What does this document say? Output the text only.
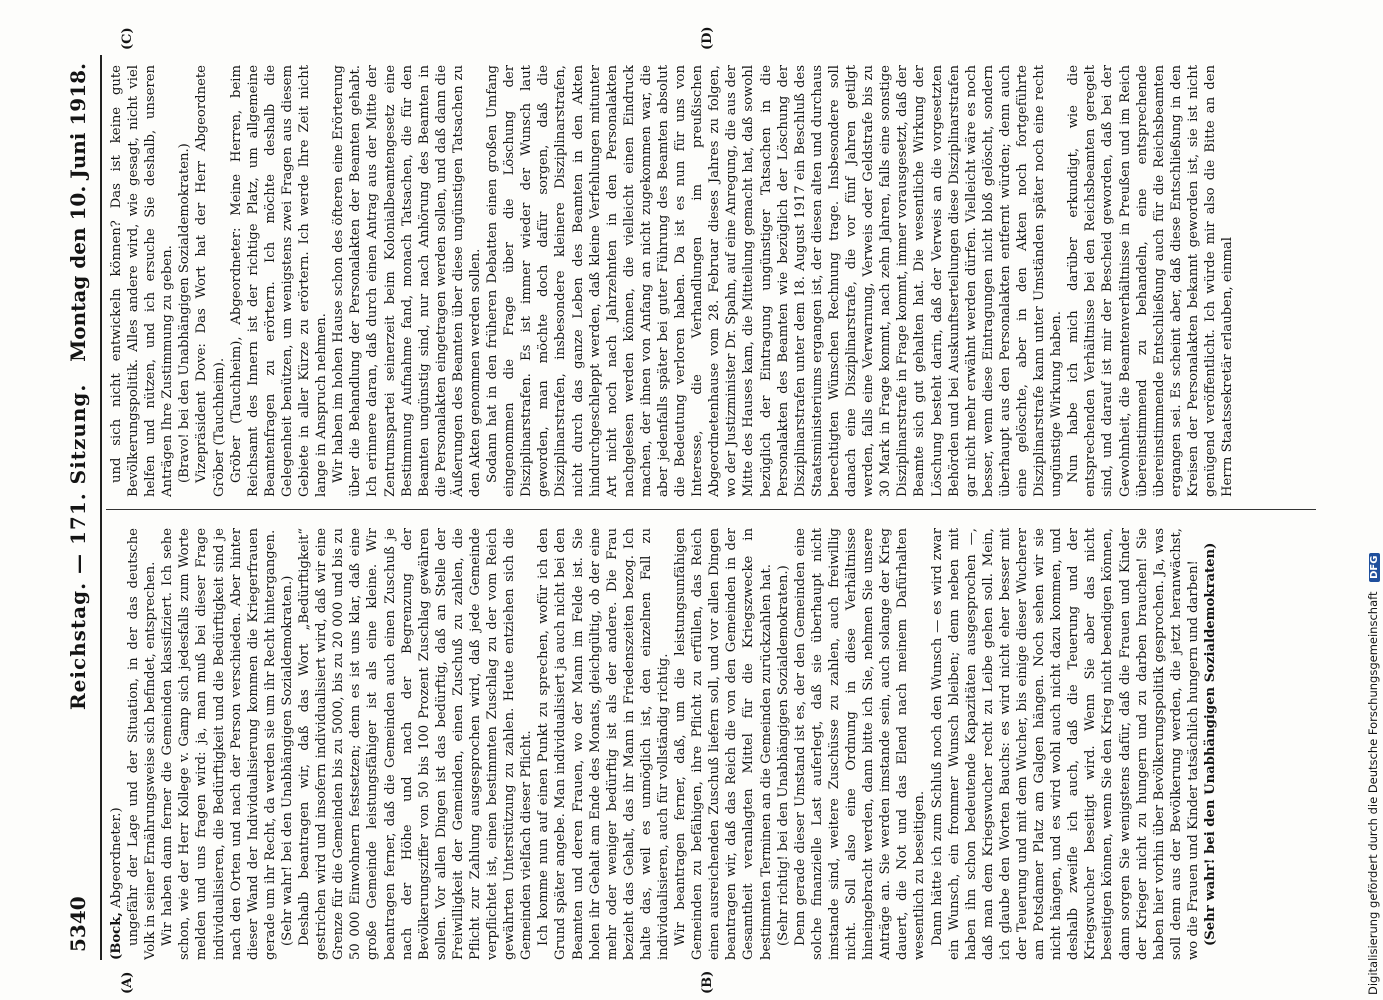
5340
Reichstag. — 171. Sitzung.
Montag den 10. Juni 1918.

(Bock, Abgeordneter.) ungefähr der Lage und der Situation, in der das deutsche Volk in seiner Ernährungsweise sich befindet, entsprechen. Wir haben dann ferner die Gemeinden klassifiziert. Ich sehe schon, wie der Herr Kollege v. Gamp sich jedesfalls zum Worte melden und uns fragen wird: ja, man muß bei dieser Frage individualisieren, die Bedürftigkeit und die Bedürftigkeit sind je nach den Orten und nach der Person verschieden. Aber hinter dieser Wand der Individualisierung kommen die Kriegerfrauen gerade um ihr Recht, da werden sie um ihr Recht hintergangen. (Sehr wahr! bei den Unabhängigen Sozialdemokraten.) Deshalb beantragen wir, daß das Wort „Bedürftigkeit“ gestrichen wird und insofern individualisiert wird, daß wir eine Grenze für die Gemeinden bis zu 5000, bis zu 20 000 und bis zu 50 000 Einwohnern festsetzen; denn es ist uns klar, daß eine große Gemeinde leistungsfähiger ist als eine kleine. Wir beantragen ferner, daß die Gemeinden auch einen Zuschuß je nach der Höhe und nach der Begrenzung der Bevölkerungsziffer von 50 bis 100 Prozent Zuschlag gewähren sollen. Vor allen Dingen ist das bedürftig, daß an Stelle der Freiwilligkeit der Gemeinden, einen Zuschuß zu zahlen, die Pflicht zur Zahlung ausgesprochen wird, daß jede Gemeinde verpflichtet ist, einen bestimmten Zuschlag zu der vom Reich gewährten Unterstützung zu zahlen. Heute entziehen sich die Gemeinden vielfach dieser Pflicht. Ich komme nun auf einen Punkt zu sprechen, wofür ich den Grund später angebe. Man individualisiert ja auch nicht bei den Beamten und deren Frauen, wo der Mann im Felde ist. Sie holen ihr Gehalt am Ende des Monats, gleichgültig, ob der eine mehr oder weniger bedürftig ist als der andere. Die Frau bezieht das Gehalt, das ihr Mann in Friedenszeiten bezog. Ich halte das, weil es unmöglich ist, den einzelnen Fall zu individualisieren, auch für vollständig richtig. Wir beantragen ferner, daß, um die leistungsunfähigen Gemeinden zu befähigen, ihre Pflicht zu erfüllen, das Reich einen ausreichenden Zuschuß liefern soll, und vor allen Dingen beantragen wir, daß das Reich die von den Gemeinden in der Gesamtheit veranlagten Mittel für die Kriegszwecke in bestimmten Terminen an die Gemeinden zurückzahlen hat. (Sehr richtig! bei den Unabhängigen Sozialdemokraten.) Denn gerade dieser Umstand ist es, der den Gemeinden eine solche finanzielle Last auferlegt, daß sie überhaupt nicht imstande sind, weitere Zuschüsse zu zahlen, auch freiwillig nicht. Soll also eine Ordnung in diese Verhältnisse hineingebracht werden, dann bitte ich Sie, nehmen Sie unsere Anträge an. Sie werden imstande sein, auch solange der Krieg dauert, die Not und das Elend nach meinem Dafürhalten wesentlich zu beseitigen. Dann hätte ich zum Schluß noch den Wunsch — es wird zwar ein Wunsch, ein frommer Wunsch bleiben; denn neben mit haben ihn schon bedeutende Kapazitäten ausgesprochen —, daß man dem Kriegswucher recht zu Leibe gehen soll. Mein, ich glaube den Worten Bauchs: es wird nicht eher besser mit der Teuerung und mit dem Wucher, bis einige dieser Wucherer am Potsdamer Platz am Galgen hängen. Noch sehen wir sie nicht hängen, und es wird wohl auch nicht dazu kommen, und deshalb zweifle ich auch, daß die Teuerung und der Kriegswucher beseitigt wird. Wenn Sie aber das nicht beseitigen können, wenn Sie den Krieg nicht beendigen können, dann sorgen Sie wenigstens dafür, daß die Frauen und Kinder der Krieger nicht zu hungern und zu darben brauchen! Sie haben hier vorhin über Bevölkerungspolitik gesprochen. Ja, was soll denn aus der Bevölkerung werden, die jetzt heranwächst, wo die Frauen und Kinder tatsächlich hungern und darben! (Sehr wahr! bei den Unabhängigen Sozialdemokraten)

und sich nicht entwickeln können? Das ist keine gute Bevölkerungspolitik. Alles andere wird, wie gesagt, nicht viel helfen und nützen, und ich ersuche Sie deshalb, unseren Anträgen Ihre Zustimmung zu geben. (Bravo! bei den Unabhängigen Sozialdemokraten.) Vizepräsident Dove: Das Wort hat der Herr Abgeordnete Gröber (Tauchheim). Gröber (Tauchheim), Abgeordneter: Meine Herren, beim Reichsamt des Innern ist der richtige Platz, um allgemeine Beamtenfragen zu erörtern. Ich möchte deshalb die Gelegenheit benützen, um wenigstens zwei Fragen aus diesem Gebiete in aller Kürze zu erörtern. Ich werde Ihre Zeit nicht lange in Anspruch nehmen. Wir haben im hohen Hause schon des öfteren eine Erörterung über die Behandlung der Personalakten der Beamten gehabt. Ich erinnere daran, daß durch einen Antrag aus der Mitte der Zentrumspartei seinerzeit beim Kolonialbeamtengesetz eine Bestimmung Aufnahme fand, monach Tatsachen, die für den Beamten ungünstig sind, nur nach Anhörung des Beamten in die Personalakten eingetragen werden sollen, und daß dann die Äußerungen des Beamten über diese ungünstigen Tatsachen zu den Akten genommen werden sollen. Sodann hat in den früheren Debatten einen großen Umfang eingenommen die Frage über die Löschung der Disziplinarstrafen. Es ist immer wieder der Wunsch laut geworden, man möchte doch dafür sorgen, daß die Disziplinarstrafen, insbesondere kleinere Disziplinarstrafen, nicht durch das ganze Leben des Beamten in den Akten hindurchgeschleppt werden, daß kleine Verfehlungen mitunter Art nicht noch nach Jahrzehnten in den Personalakten nachgelesen werden können, die vielleicht einen Eindruck machen, der ihnen von Anfang an nicht zugekommen war, die aber jedenfalls später bei guter Führung des Beamten absolut die Bedeutung verloren haben. Da ist es nun für uns von Interesse, die Verhandlungen im preußischen Abgeordnetenhause vom 28. Februar dieses Jahres zu folgen, wo der Justizminister Dr. Spahn, auf eine Anregung, die aus der Mitte des Hauses kam, die Mitteilung gemacht hat, daß sowohl bezüglich der Eintragung ungünstiger Tatsachen in die Personalakten des Beamten wie bezüglich der Löschung der Disziplinarstrafen unter dem 18. August 1917 ein Beschluß des Staatsministeriums ergangen ist, der diesen alten und durchaus berechtigten Wünschen Rechnung trage. Insbesondere soll danach eine Disziplinarstrafe, die vor fünf Jahren getilgt werden, falls eine Verwarnung, Verweis oder Geldstrafe bis zu 30 Mark in Frage kommt, nach zehn Jahren, falls eine sonstige Disziplinarstrafe in Frage kommt, immer vorausgesetzt, daß der Beamte sich gut gehalten hat. Die wesentliche Wirkung der Löschung besteht darin, daß der Verweis an die vorgesetzten Behörden und bei Auskunftserteilungen diese Disziplinarstrafen gar nicht mehr erwähnt werden dürfen. Vielleicht wäre es noch besser, wenn diese Eintragungen nicht bloß gelöscht, sondern überhaupt aus den Personalakten entfernt würden; denn auch eine gelöschte, aber in den Akten noch fortgeführte Disziplinarstrafe kann unter Umständen später noch eine recht ungünstige Wirkung haben. Nun habe ich mich darüber erkundigt, wie die entsprechenden Verhältnisse bei den Reichsbeamten geregelt sind, und darauf ist mir der Bescheid geworden, daß bei der Gewohnheit, die Beamtenverhältnisse in Preußen und im Reich übereinstimmend zu behandeln, eine entsprechende übereinstimmende Entschließung auch für die Reichsbeamten ergangen sei. Es scheint aber, daß diese Entschließung in den Kreisen der Personalakten bekannt geworden ist, sie ist nicht genügend veröffentlicht. Ich würde mir also die Bitte an den Herrn Staatssekretär erlauben, einmal

(A)	(B)
(C)	(D)
Digitalisierung gefördert durch die Deutsche Forschungsgemeinschaft DFG
